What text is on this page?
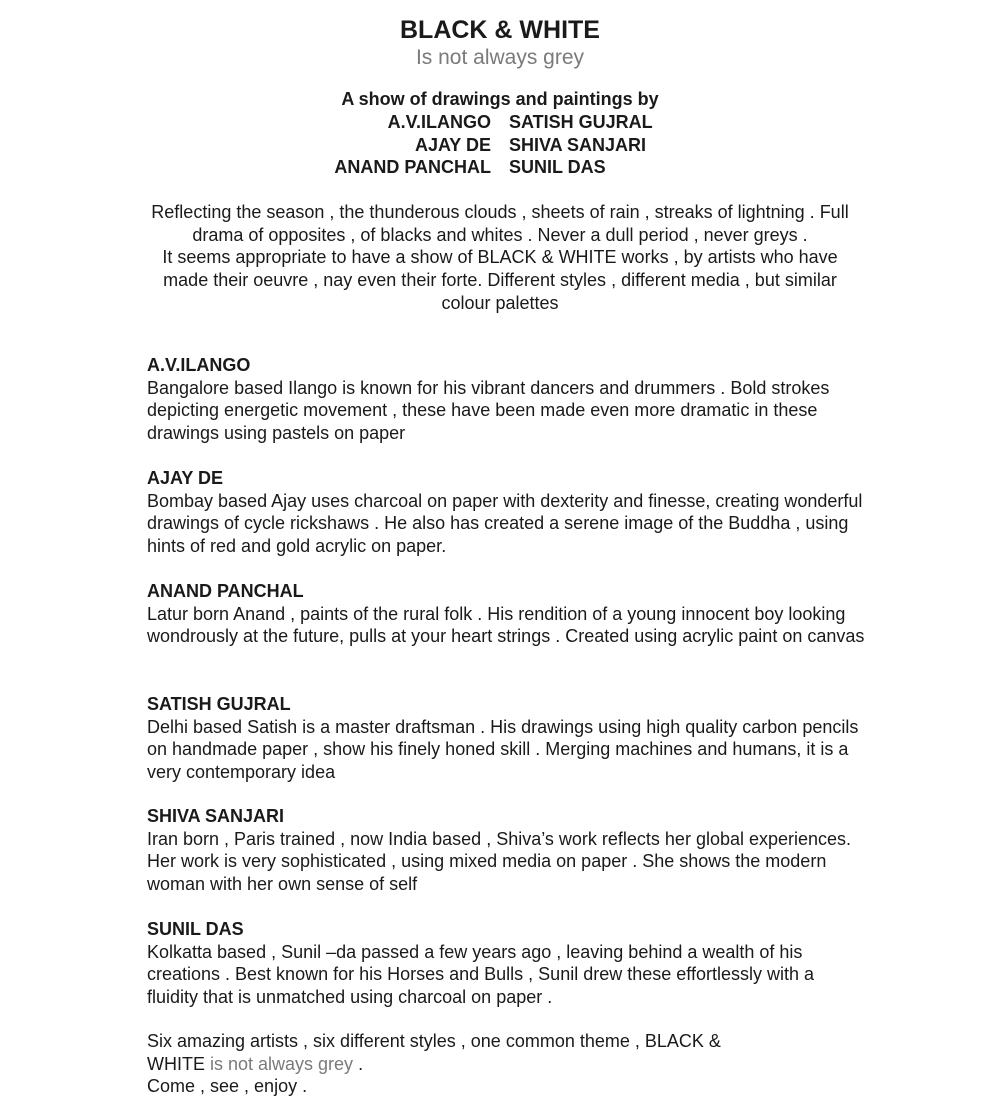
BLACK & WHITE
Is not always grey
A show of drawings and paintings by
A.V.ILANGO	SATISH GUJRAL
AJAY DE	SHIVA SANJARI
ANAND PANCHAL	SUNIL DAS

Reflecting the season , the thunderous clouds , sheets of rain , streaks of lightning . Full drama of opposites , of blacks and whites . Never a dull period , never greys .

It seems appropriate to have a show of BLACK & WHITE works , by artists who have made their oeuvre , nay even their forte. Different styles , different media , but similar colour palettes

A.V.ILANGO

Bangalore based Ilango is known for his vibrant dancers and drummers . Bold strokes depicting energetic movement , these have been made even more dramatic in these drawings using pastels on paper

AJAY DE

Bombay based Ajay uses charcoal on paper with dexterity and finesse, creating wonderful drawings of cycle rickshaws . He also has created a serene image of the Buddha , using hints of red and gold acrylic on paper.

ANAND PANCHAL

Latur born Anand , paints of the rural folk . His rendition of a young innocent boy looking wondrously at the future, pulls at your heart strings . Created using acrylic paint on canvas

SATISH GUJRAL

Delhi based Satish is a master draftsman . His drawings using high quality carbon pencils on handmade paper , show his finely honed skill . Merging machines and humans, it is a very contemporary idea

SHIVA SANJARI

Iran born , Paris trained , now India based , Shiva’s work reflects her global experiences. Her work is very sophisticated , using mixed media on paper . She shows the modern woman with her own sense of self

SUNIL DAS

Kolkatta based , Sunil –da passed a few years ago , leaving behind a wealth of his creations . Best known for his Horses and Bulls , Sunil drew these effortlessly with a fluidity that is unmatched using charcoal on paper .

Six amazing artists , six different styles , one common theme , BLACK &

WHITE is not always grey .

Come , see , enjoy .
